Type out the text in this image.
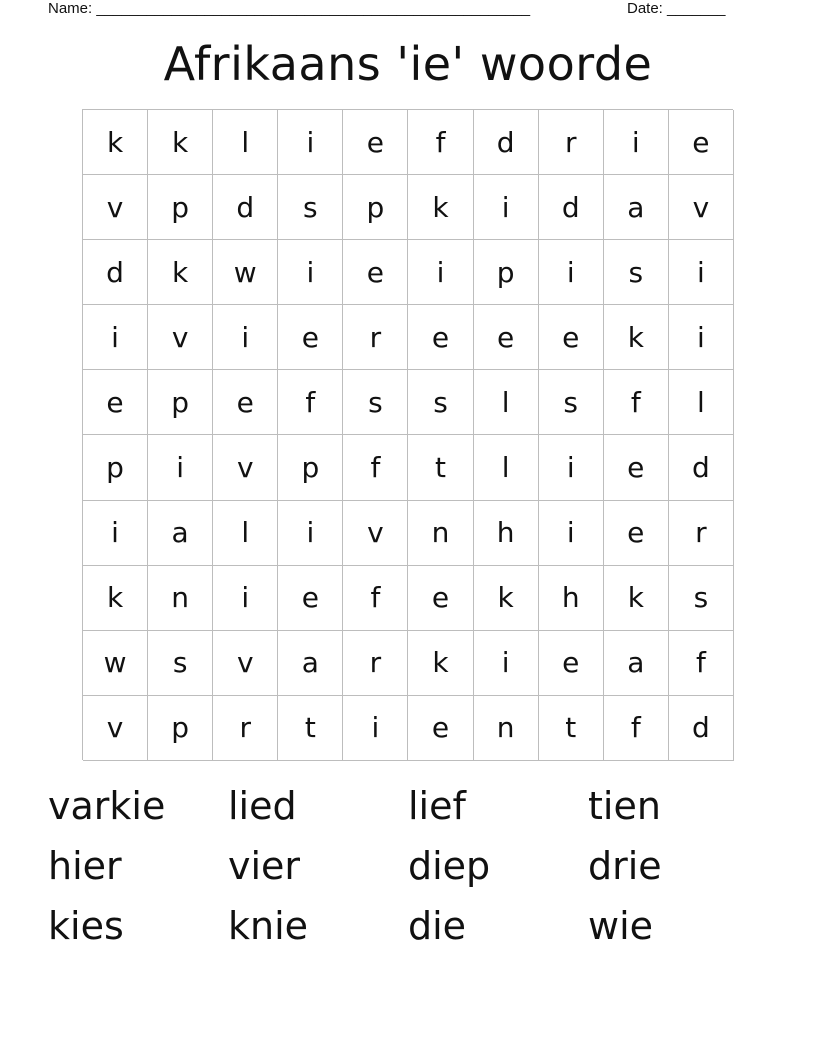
Name: ____________________________________________________	Date: _______
Afrikaans 'ie' woorde
k	k	l	i	e	f	d	r	i	e
v	p	d	s	p	k	i	d	a	v
d	k	w	i	e	i	p	i	s	i
i	v	i	e	r	e	e	e	k	i
e	p	e	f	s	s	l	s	f	l
p	i	v	p	f	t	l	i	e	d
i	a	l	i	v	n	h	i	e	r
k	n	i	e	f	e	k	h	k	s
w	s	v	a	r	k	i	e	a	f
v	p	r	t	i	e	n	t	f	d
varkie	lied	lief	tien
hier	vier	diep	drie
kies	knie	die	wie
